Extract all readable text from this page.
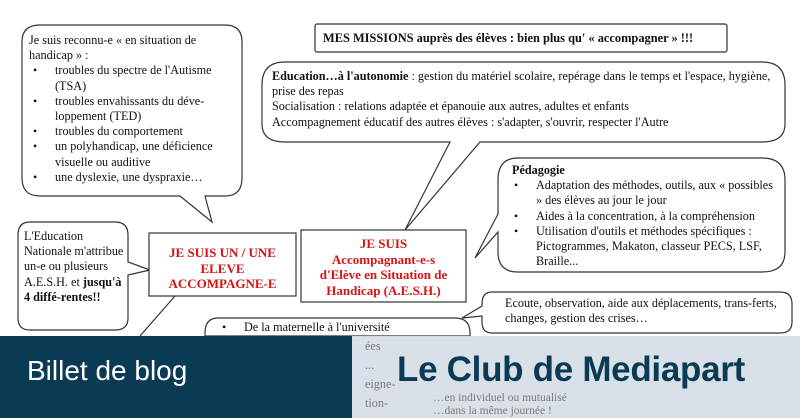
Je suis reconnu-e « en situation de handicap » :
• troubles du spectre de l'Autisme (TSA)
• troubles envahissants du déve-loppement (TED)
• troubles du comportement
• un polyhandicap, une déficience visuelle ou auditive
• une dyslexie, une dyspraxie…
MES MISSIONS auprès des élèves : bien plus qu' « accompagner » !!!
Education…à l'autonomie : gestion du matériel scolaire, repérage dans le temps et l'espace, hygiène, prise des repas
Socialisation : relations adaptée et épanouie aux autres, adultes et enfants
Accompagnement éducatif des autres élèves : s'adapter, s'ouvrir, respecter l'Autre
Pédagogie
• Adaptation des méthodes, outils, aux « possibles » des élèves au jour le jour
• Aides à la concentration, à la compréhension
• Utilisation d'outils et méthodes spécifiques : Pictogrammes, Makaton, classeur PECS, LSF, Braille...
L'Education Nationale m'attribue un-e ou plusieurs A.E.S.H. et jusqu'à 4 diffé-rentes!!
JE SUIS UN / UNE
ELEVE
ACCOMPAGNE-E
JE SUIS
Accompagnant-e-s
d'Elève en Situation de
Handicap (A.E.S.H.)
Ecoute, observation, aide aux déplacements, trans-ferts, changes, gestion des crises…
• De la maternelle à l'université
ées
...
eigne-
tion-	…en individuel ou mutualisé
…dans la même journée !
Billet de blog	Le Club de Mediapart
